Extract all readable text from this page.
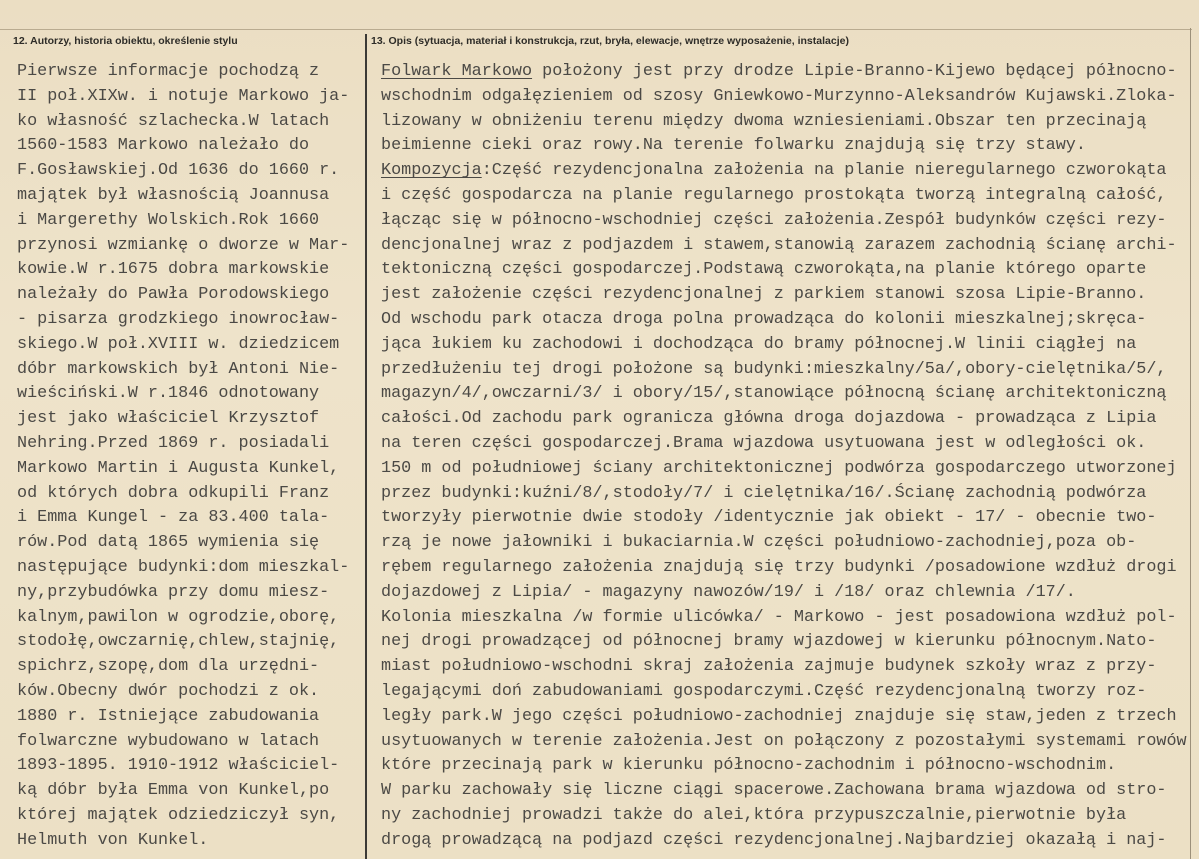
12. Autorzy, historia obiektu, określenie stylu	13. Opis (sytuacja, materiał i konstrukcja, rzut, bryła, elewacje, wnętrze wyposażenie, instalacje)
Pierwsze informacje pochodzą z
II poł.XIXw. i notuje Markowo ja-
ko własność szlachecka.W latach
1560-1583 Markowo należało do
F.Gosławskiej.Od 1636 do 1660 r.
majątek był własnością Joannusa
i Margerethy Wolskich.Rok 1660
przynosi wzmiankę o dworze w Mar-
kowie.W r.1675 dobra markowskie
należały do Pawła Porodowskiego
- pisarza grodzkiego inowrocław-
skiego.W poł.XVIII w. dziedzicem
dóbr markowskich był Antoni Nie-
wieściński.W r.1846 odnotowany
jest jako właściciel Krzysztof
Nehring.Przed 1869 r. posiadali
Markowo Martin i Augusta Kunkel,
od których dobra odkupili Franz
i Emma Kungel - za 83.400 tala-
rów.Pod datą 1865 wymienia się
następujące budynki:dom mieszkal-
ny,przybudówka przy domu miesz-
kalnym,pawilon w ogrodzie,oborę,
stodołę,owczarnię,chlew,stajnię,
spichrz,szopę,dom dla urzędni-
ków.Obecny dwór pochodzi z ok.
1880 r. Istniejące zabudowania
folwarczne wybudowano w latach
1893-1895. 1910-1912 właściciel-
ką dóbr była Emma von Kunkel,po
której majątek odziedziczył syn,
Helmuth von Kunkel.
Folwark Markowo położony jest przy drodze Lipie-Branno-Kijewo będącej północno-
wschodnim odgałęzieniem od szosy Gniewkowo-Murzynno-Aleksandrów Kujawski.Zloka-
lizowany w obniżeniu terenu między dwoma wzniesieniami.Obszar ten przecinają
beimienne cieki oraz rowy.Na terenie folwarku znajdują się trzy stawy.
Kompozycja:Część rezydencjonalna założenia na planie nieregularnego czworokąta
i część gospodarcza na planie regularnego prostokąta tworzą integralną całość,
łącząc się w północno-wschodniej części założenia.Zespół budynków części rezy-
dencjonalnej wraz z podjazdem i stawem,stanowią zarazem zachodnią ścianę archi-
tektoniczną części gospodarczej.Podstawą czworokąta,na planie którego oparte
jest założenie części rezydencjonalnej z parkiem stanowi szosa Lipie-Branno.
Od wschodu park otacza droga polna prowadząca do kolonii mieszkalnej;skręca-
jąca łukiem ku zachodowi i dochodząca do bramy północnej.W linii ciągłej na
przedłużeniu tej drogi położone są budynki:mieszkalny/5a/,obory-cielętnika/5/,
magazyn/4/,owczarni/3/ i obory/15/,stanowiące północną ścianę architektoniczną
całości.Od zachodu park ogranicza główna droga dojazdowa - prowadząca z Lipia
na teren części gospodarczej.Brama wjazdowa usytuowana jest w odległości ok.
150 m od południowej ściany architektonicznej podwórza gospodarczego utworzonej
przez budynki:kuźni/8/,stodoły/7/ i cielętnika/16/.Ścianę zachodnią podwórza
tworzyły pierwotnie dwie stodoły /identycznie jak obiekt - 17/ - obecnie two-
rzą je nowe jałowniki i bukaciarnia.W części południowo-zachodniej,poza ob-
rębem regularnego założenia znajdują się trzy budynki /posadowione wzdłuż drogi
dojazdowej z Lipia/ - magazyny nawozów/19/ i /18/ oraz chlewnia /17/.
Kolonia mieszkalna /w formie ulicówka/ - Markowo - jest posadowiona wzdłuż pol-
nej drogi prowadzącej od północnej bramy wjazdowej w kierunku północnym.Nato-
miast południowo-wschodni skraj założenia zajmuje budynek szkoły wraz z przy-
legającymi doń zabudowaniami gospodarczymi.Część rezydencjonalną tworzy roz-
legły park.W jego części południowo-zachodniej znajduje się staw,jeden z trzech
usytuowanych w terenie założenia.Jest on połączony z pozostałymi systemami rowów
które przecinają park w kierunku północno-zachodnim i północno-wschodnim.
W parku zachowały się liczne ciągi spacerowe.Zachowana brama wjazdowa od stro-
ny zachodniej prowadzi także do alei,która przypuszczalnie,pierwotnie była
drogą prowadzącą na podjazd części rezydencjonalnej.Najbardziej okazałą i naj-
